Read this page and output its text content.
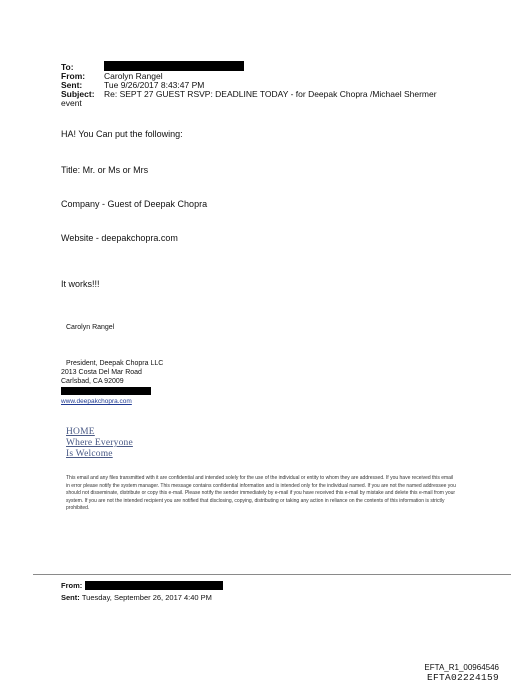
To:
From: Carolyn Rangel
Sent:	Tue 9/26/2017 8:43:47 PM
Subject: Re: SEPT 27 GUEST RSVP: DEADLINE TODAY - for Deepak Chopra /Michael Shermer
event
HA! You Can put the following:
Title: Mr. or Ms or Mrs
Company - Guest of Deepak Chopra
Website - deepakchopra.com
It works!!!
Carolyn Rangel
President, Deepak Chopra LLC
2013 Costa Del Mar Road
Carlsbad, CA 92009
www.deepakchopra.com
HOME
Where Everyone
Is Welcome
This email and any files transmitted with it are confidential and intended solely for the use of the individual or entity to whom they are addressed. If you have received this email in error please notify the system manager. This message contains confidential information and is intended only for the individual named. If you are not the named addressee you should not disseminate, distribute or copy this e-mail. Please notify the sender immediately by e-mail if you have received this e-mail by mistake and delete this e-mail from your system. If you are not the intended recipient you are notified that disclosing, copying, distributing or taking any action in reliance on the contents of this information is strictly prohibited.
From:
Sent: Tuesday, September 26, 2017 4:40 PM
EFTA_R1_00964546
EFTA02224159
